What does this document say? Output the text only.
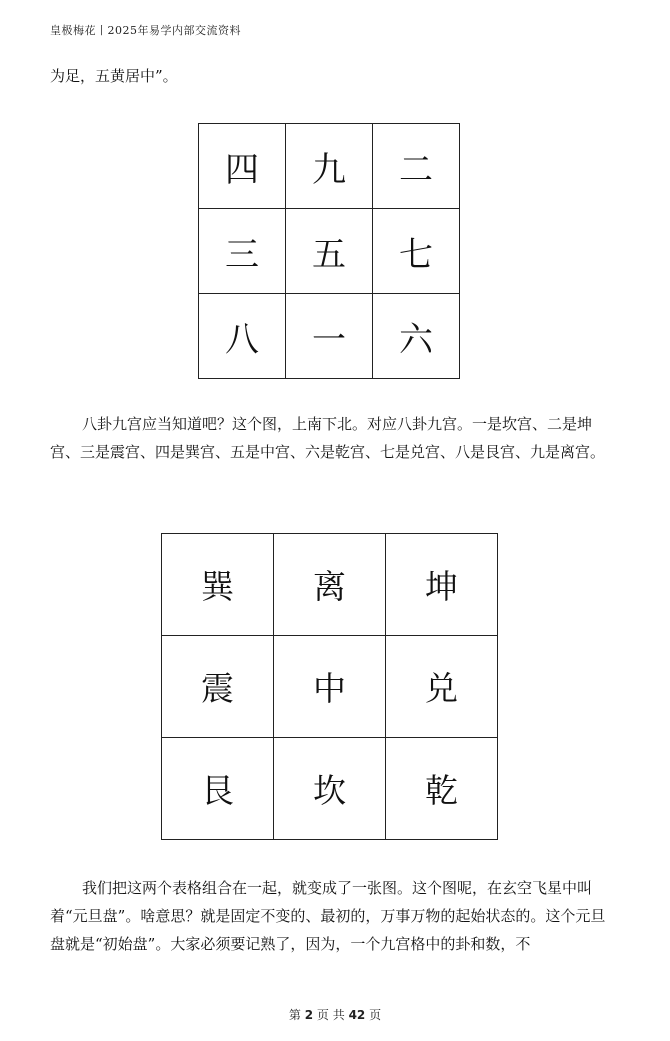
皇极梅花丨2025年易学内部交流资料

为足，五黄居中”。

四	九	二
三	五	七
八	一	六

八卦九宫应当知道吧？这个图，上南下北。对应八卦九宫。一是坎宫、二是坤宫、三是震宫、四是巽宫、五是中宫、六是乾宫、七是兑宫、八是艮宫、九是离宫。

巽	离	坤
震	中	兑
艮	坎	乾

我们把这两个表格组合在一起，就变成了一张图。这个图呢，在玄空飞星中叫着“元旦盘”。啥意思？就是固定不变的、最初的，万事万物的起始状态的。这个元旦盘就是“初始盘”。大家必须要记熟了，因为，一个九宫格中的卦和数，不

第 2 页 共 42 页
